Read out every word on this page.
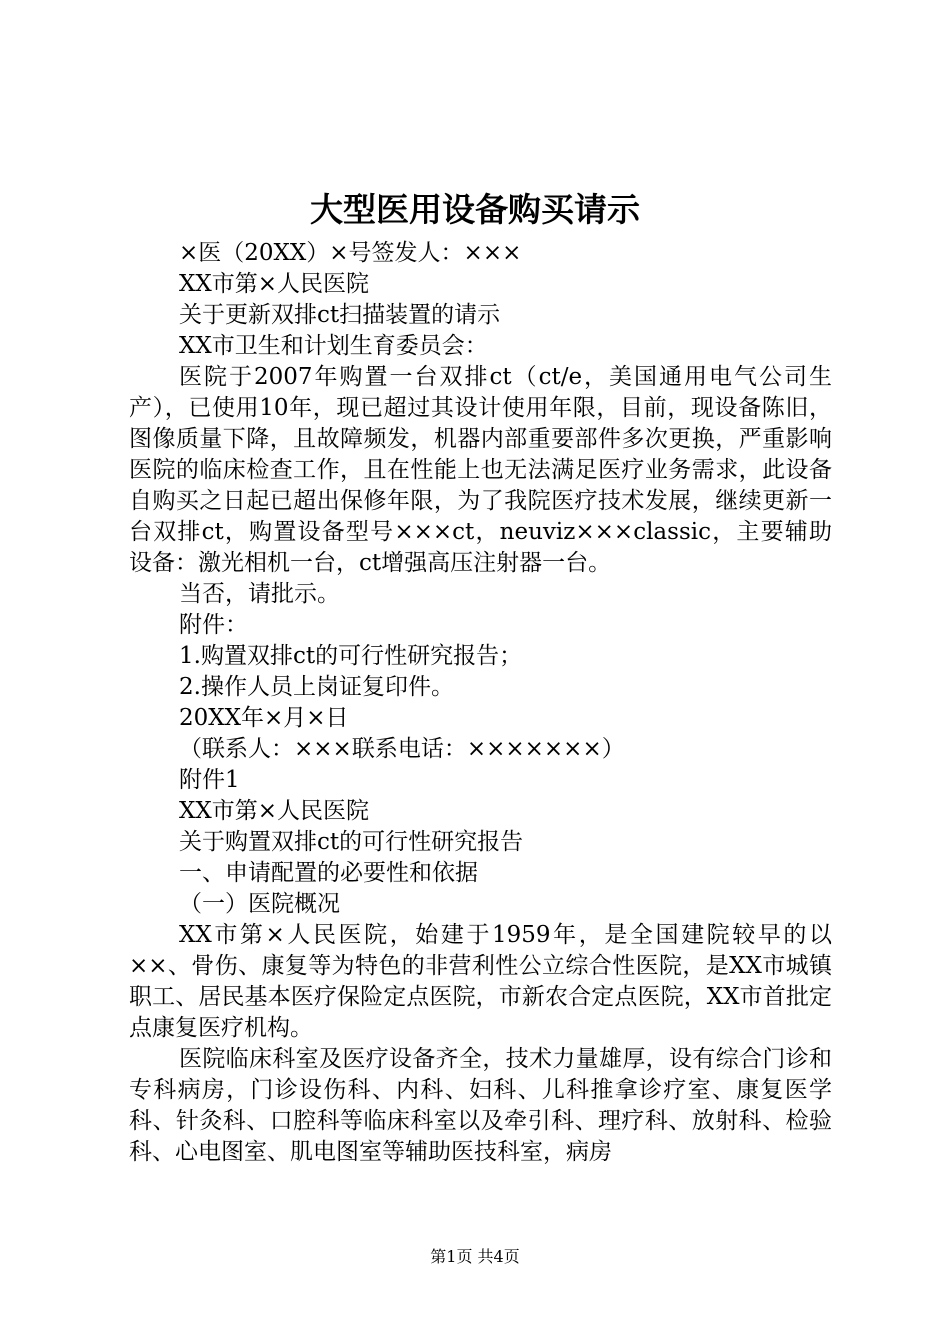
大型医用设备购买请示

×医（20XX）×号签发人：×××

XX市第×人民医院

关于更新双排ct扫描装置的请示

XX市卫生和计划生育委员会：

医院于2007年购置一台双排ct（ct/e，美国通用电气公司生产），已使用10年，现已超过其设计使用年限，目前，现设备陈旧，图像质量下降，且故障频发，机器内部重要部件多次更换，严重影响医院的临床检查工作，且在性能上也无法满足医疗业务需求，此设备自购买之日起已超出保修年限，为了我院医疗技术发展，继续更新一台双排ct，购置设备型号×××ct，neuviz×××classic，主要辅助设备：激光相机一台，ct增强高压注射器一台。

当否，请批示。

附件：

1.购置双排ct的可行性研究报告；

2.操作人员上岗证复印件。

20XX年×月×日

（联系人：×××联系电话：×××××××）

附件1

XX市第×人民医院

关于购置双排ct的可行性研究报告

一、申请配置的必要性和依据

（一）医院概况

XX市第×人民医院，始建于1959年，是全国建院较早的以××、骨伤、康复等为特色的非营利性公立综合性医院，是XX市城镇职工、居民基本医疗保险定点医院，市新农合定点医院，XX市首批定点康复医疗机构。

医院临床科室及医疗设备齐全，技术力量雄厚，设有综合门诊和专科病房，门诊设伤科、内科、妇科、儿科推拿诊疗室、康复医学科、针灸科、口腔科等临床科室以及牵引科、理疗科、放射科、检验科、心电图室、肌电图室等辅助医技科室，病房

第1页 共4页
